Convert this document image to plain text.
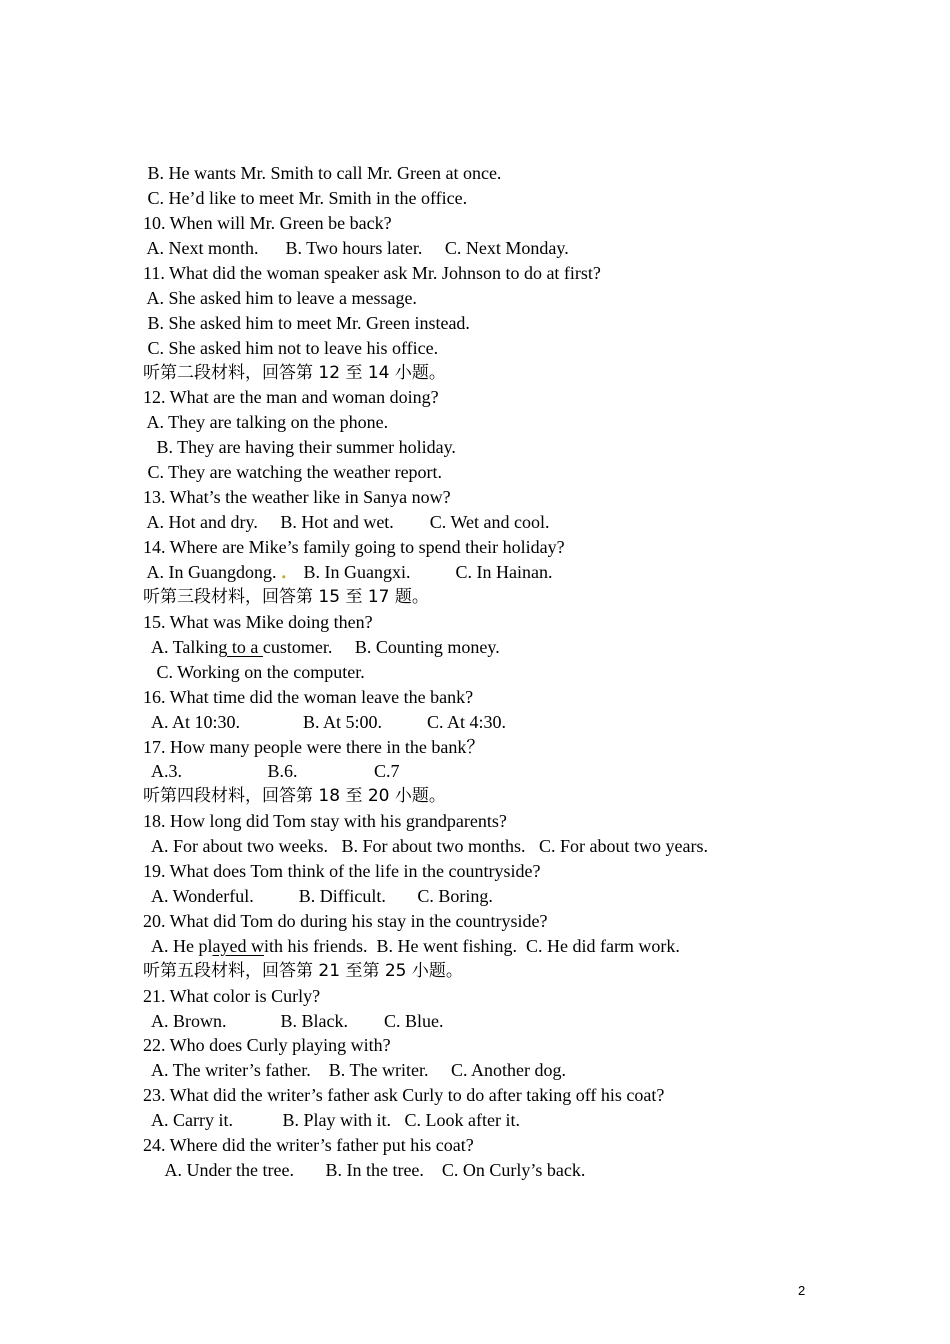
B. He wants Mr. Smith to call Mr. Green at once.
C. He’d like to meet Mr. Smith in the office.
10. When will Mr. Green be back?
A. Next month.      B. Two hours later.     C. Next Monday.
11. What did the woman speaker ask Mr. Johnson to do at first?
A. She asked him to leave a message.
B. She asked him to meet Mr. Green instead.
C. She asked him not to leave his office.
听第二段材料，回答第 12 至 14 小题。
12. What are the man and woman doing?
A. They are talking on the phone.
B. They are having their summer holiday.
C. They are watching the weather report.
13. What’s the weather like in Sanya now?
A. Hot and dry.     B. Hot and wet.        C. Wet and cool.
14. Where are Mike’s family going to spend their holiday?
A. In Guangdong. ． B. In Guangxi.          C. In Hainan.
听第三段材料，回答第 15 至 17 题。
15. What was Mike doing then?
A. Talking to a customer.     B. Counting money.
C. Working on the computer.
16. What time did the woman leave the bank?
A. At 10:30.              B. At 5:00.          C. At 4:30.
17. How many people were there in the bank？
A.3.                   B.6.                 C.7
听第四段材料，回答第 18 至 20 小题。
18. How long did Tom stay with his grandparents?
A. For about two weeks.   B. For about two months.   C. For about two years.
19. What does Tom think of the life in the countryside?
A. Wonderful.          B. Difficult.       C. Boring.
20. What did Tom do during his stay in the countryside?
A. He played with his friends.  B. He went fishing.  C. He did farm work.
听第五段材料，回答第 21 至第 25 小题。
21. What color is Curly?
A. Brown.            B. Black.        C. Blue.
22. Who does Curly playing with?
A. The writer’s father.    B. The writer.     C. Another dog.
23. What did the writer’s father ask Curly to do after taking off his coat?
A. Carry it.           B. Play with it.   C. Look after it.
24. Where did the writer’s father put his coat?
A. Under the tree.       B. In the tree.    C. On Curly’s back.
2
